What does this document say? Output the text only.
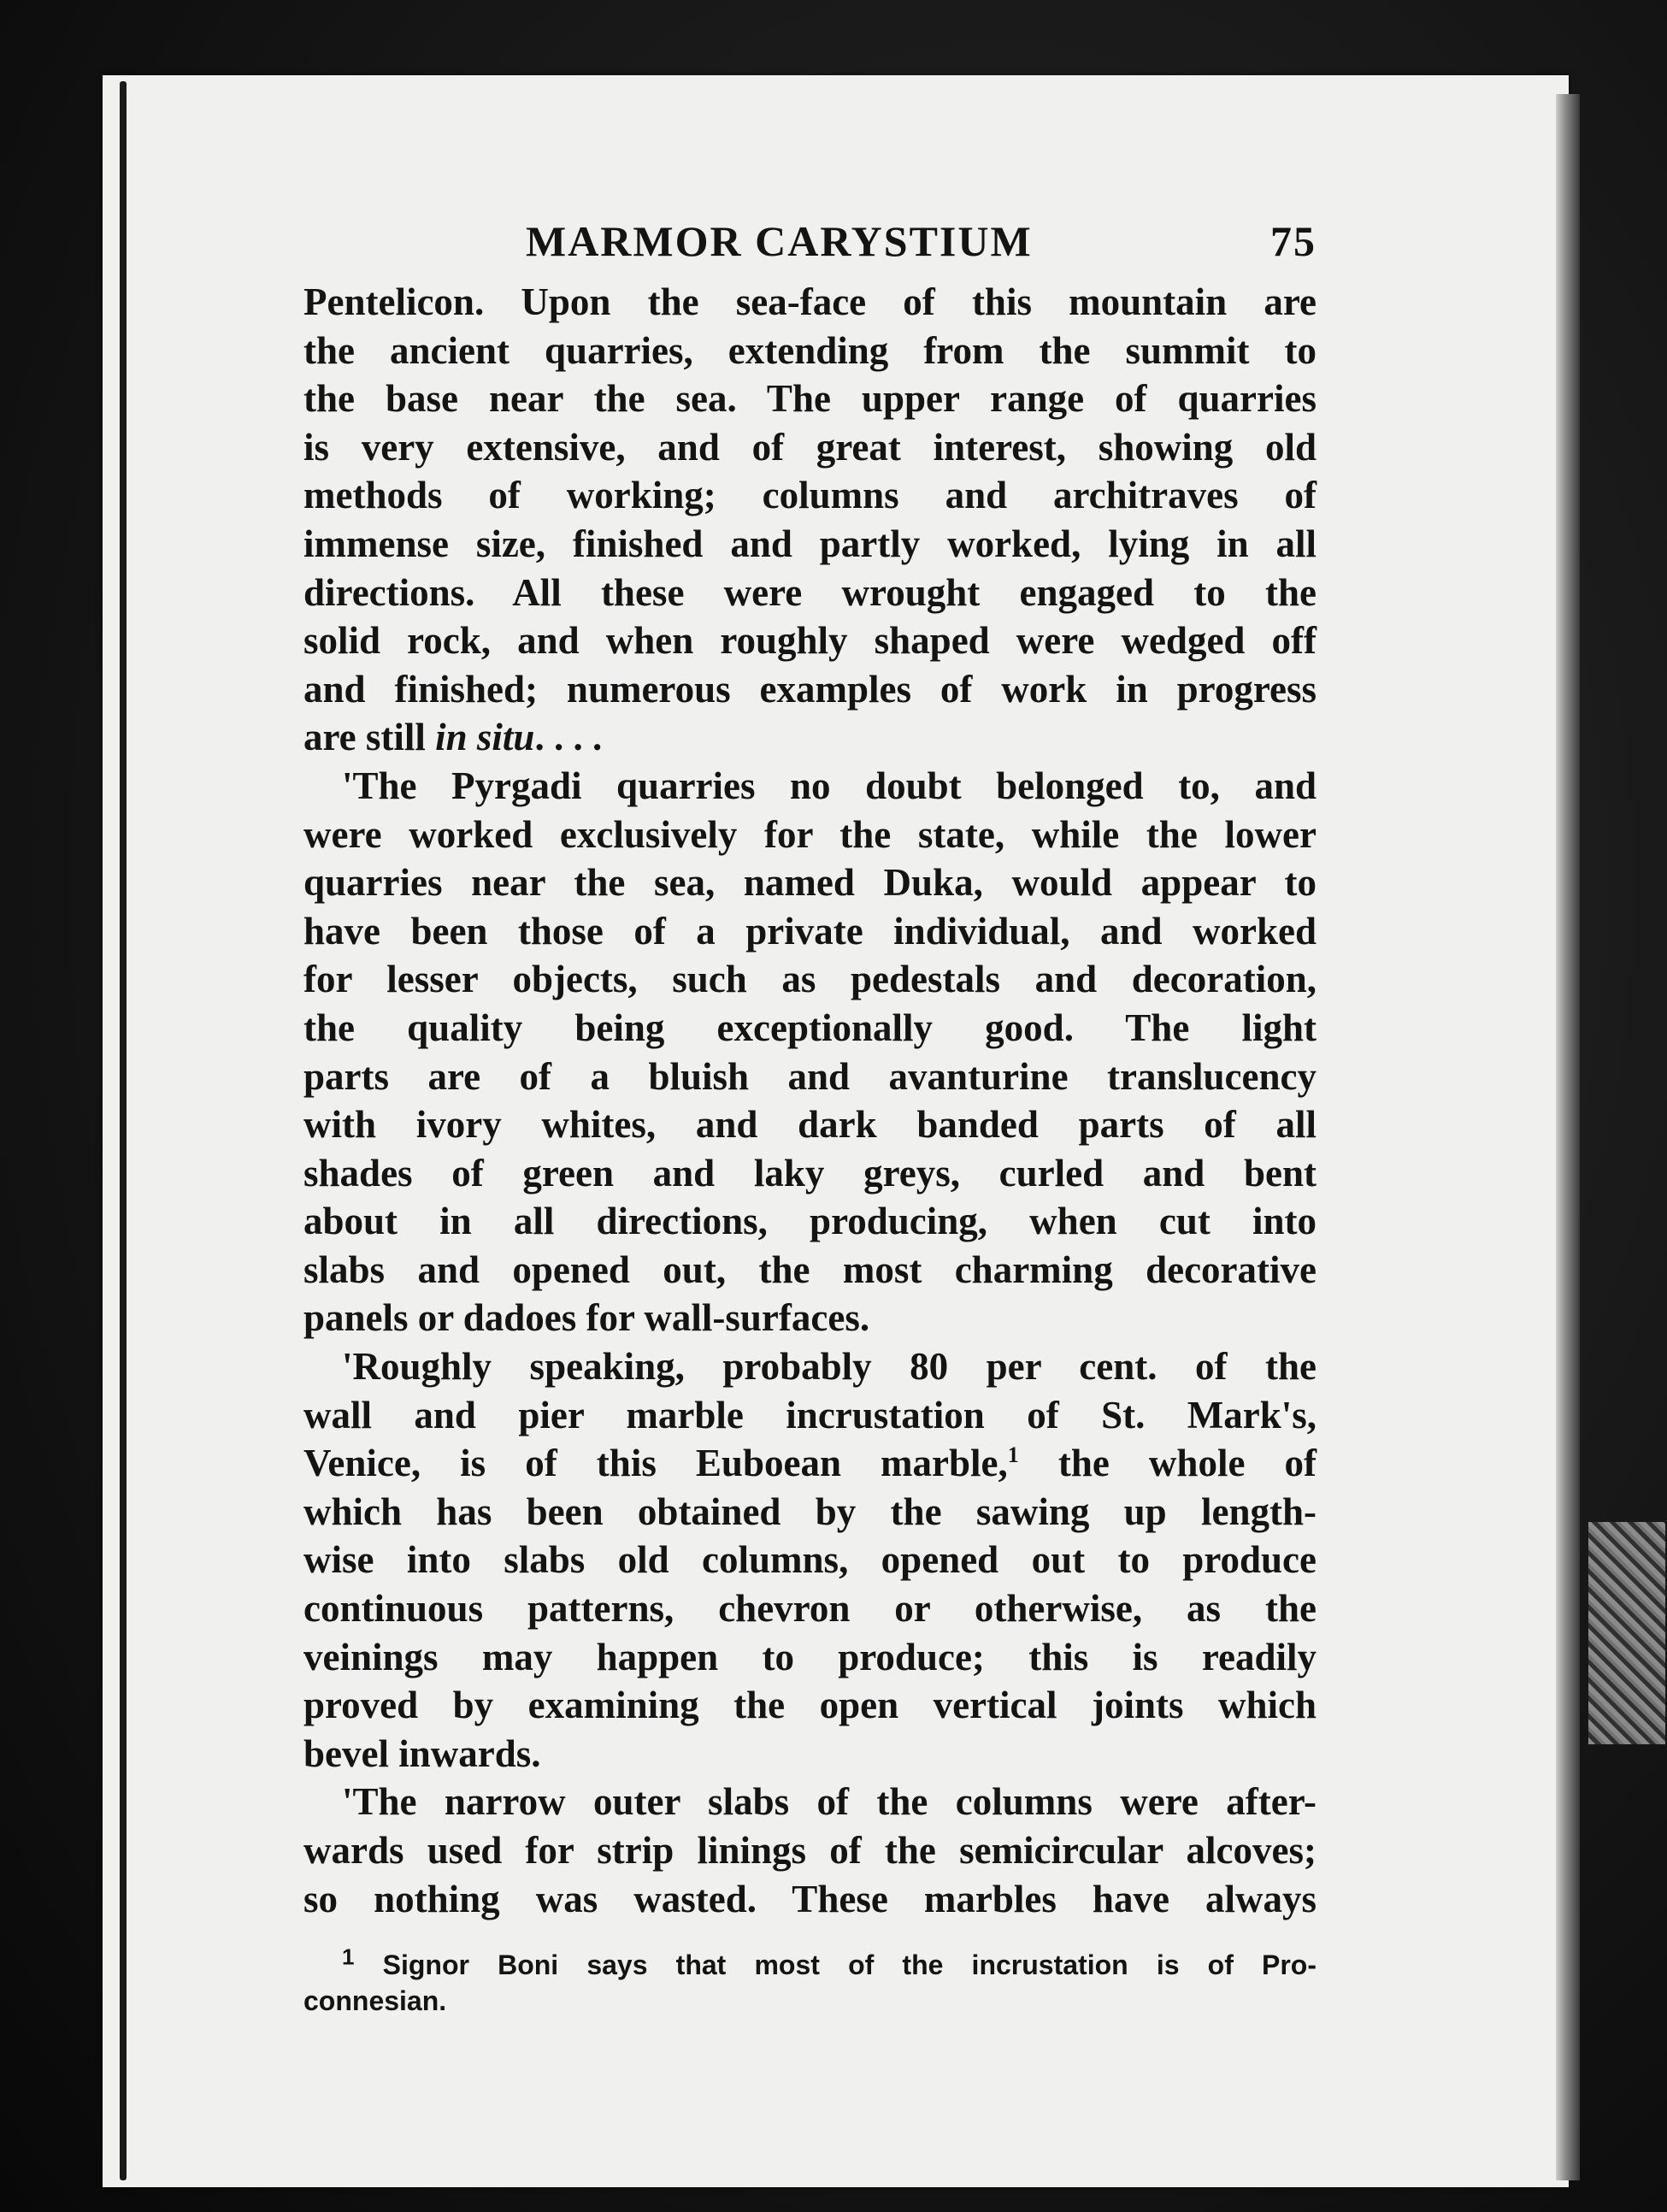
MARMOR CARYSTIUM	75
Pentelicon. Upon the sea-face of this mountain are
the ancient quarries, extending from the summit to
the base near the sea. The upper range of quarries
is very extensive, and of great interest, showing old
methods of working; columns and architraves of
immense size, finished and partly worked, lying in all
directions. All these were wrought engaged to the
solid rock, and when roughly shaped were wedged off
and finished; numerous examples of work in progress
are still in situ. . . .
'The Pyrgadi quarries no doubt belonged to, and
were worked exclusively for the state, while the lower
quarries near the sea, named Duka, would appear to
have been those of a private individual, and worked
for lesser objects, such as pedestals and decoration,
the quality being exceptionally good. The light
parts are of a bluish and avanturine translucency
with ivory whites, and dark banded parts of all
shades of green and laky greys, curled and bent
about in all directions, producing, when cut into
slabs and opened out, the most charming decorative
panels or dadoes for wall-surfaces.
'Roughly speaking, probably 80 per cent. of the
wall and pier marble incrustation of St. Mark's,
Venice, is of this Euboean marble,$^1$ the whole of
which has been obtained by the sawing up length-
wise into slabs old columns, opened out to produce
continuous patterns, chevron or otherwise, as the
veinings may happen to produce; this is readily
proved by examining the open vertical joints which
bevel inwards.
'The narrow outer slabs of the columns were after-
wards used for strip linings of the semicircular alcoves;
so nothing was wasted. These marbles have always
$^1$ Signor Boni says that most of the incrustation is of Pro-
connesian.
